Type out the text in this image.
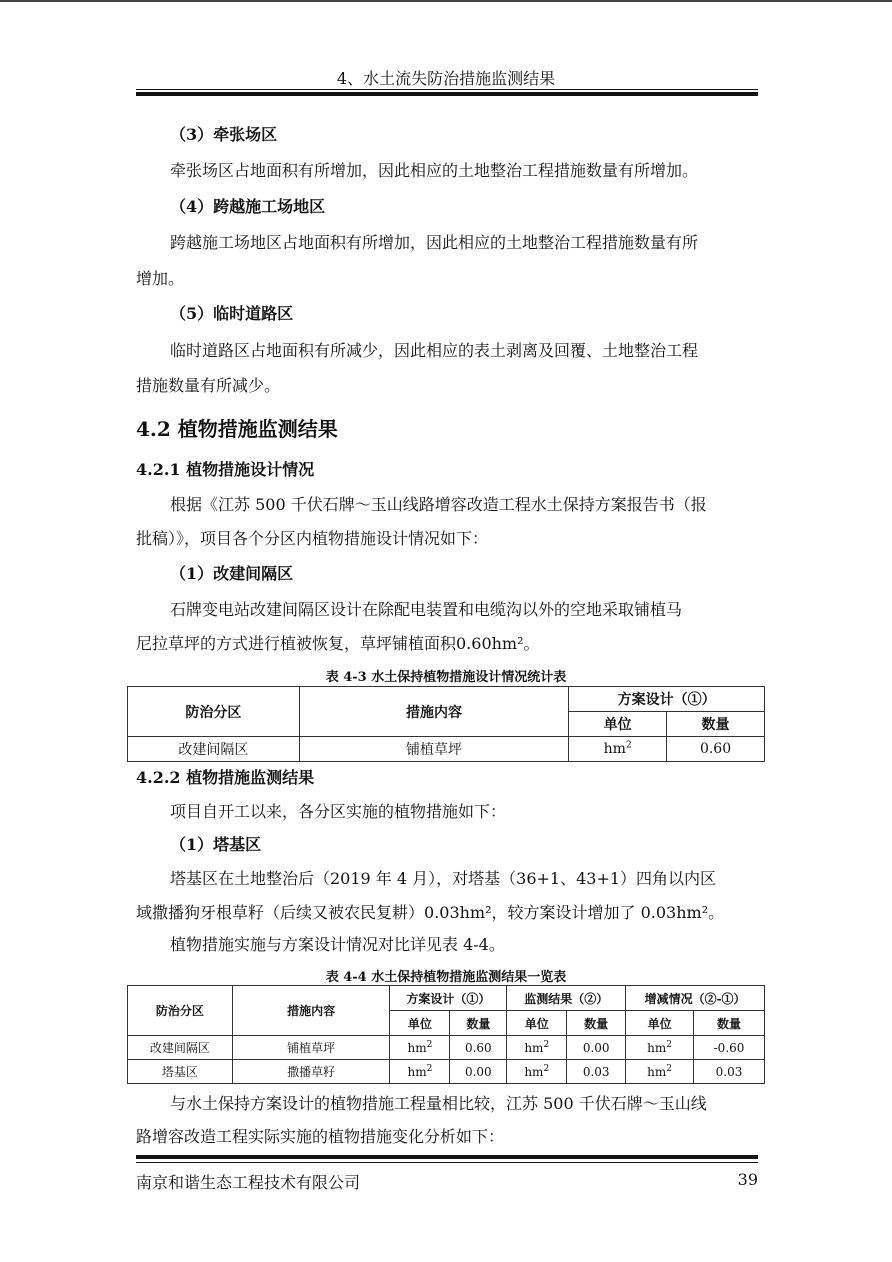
4、水土流失防治措施监测结果
（3）牵张场区
牵张场区占地面积有所增加，因此相应的土地整治工程措施数量有所增加。
（4）跨越施工场地区
跨越施工场地区占地面积有所增加，因此相应的土地整治工程措施数量有所
增加。
（5）临时道路区
临时道路区占地面积有所减少，因此相应的表土剥离及回覆、土地整治工程
措施数量有所减少。
4.2 植物措施监测结果
4.2.1 植物措施设计情况
根据《江苏 500 千伏石牌～玉山线路增容改造工程水土保持方案报告书（报
批稿）》，项目各个分区内植物措施设计情况如下：
（1）改建间隔区
石牌变电站改建间隔区设计在除配电装置和电缆沟以外的空地采取铺植马
尼拉草坪的方式进行植被恢复，草坪铺植面积0.60hm²。
表 4-3 水土保持植物措施设计情况统计表
防治分区	措施内容	方案设计（①）	
		单位	数量
改建间隔区	铺植草坪	$hm^2$	0.60
4.2.2 植物措施监测结果
项目自开工以来，各分区实施的植物措施如下：
（1）塔基区
塔基区在土地整治后（2019 年 4 月），对塔基（36+1、43+1）四角以内区
域撒播狗牙根草籽（后续又被农民复耕）0.03hm²，较方案设计增加了 0.03hm²。
植物措施实施与方案设计情况对比详见表 4-4。
表 4-4 水土保持植物措施监测结果一览表
防治分区	措施内容	方案设计（①）		监测结果（②）		增减情况（②-①）	
		单位	数量	单位	数量	单位	数量
改建间隔区	铺植草坪	$hm^2$	0.60	$hm^2$	0.00	$hm^2$	-0.60
塔基区	撒播草籽	$hm^2$	0.00	$hm^2$	0.03	$hm^2$	0.03
与水土保持方案设计的植物措施工程量相比较，江苏 500 千伏石牌～玉山线
路增容改造工程实际实施的植物措施变化分析如下：
南京和谐生态工程技术有限公司	39
